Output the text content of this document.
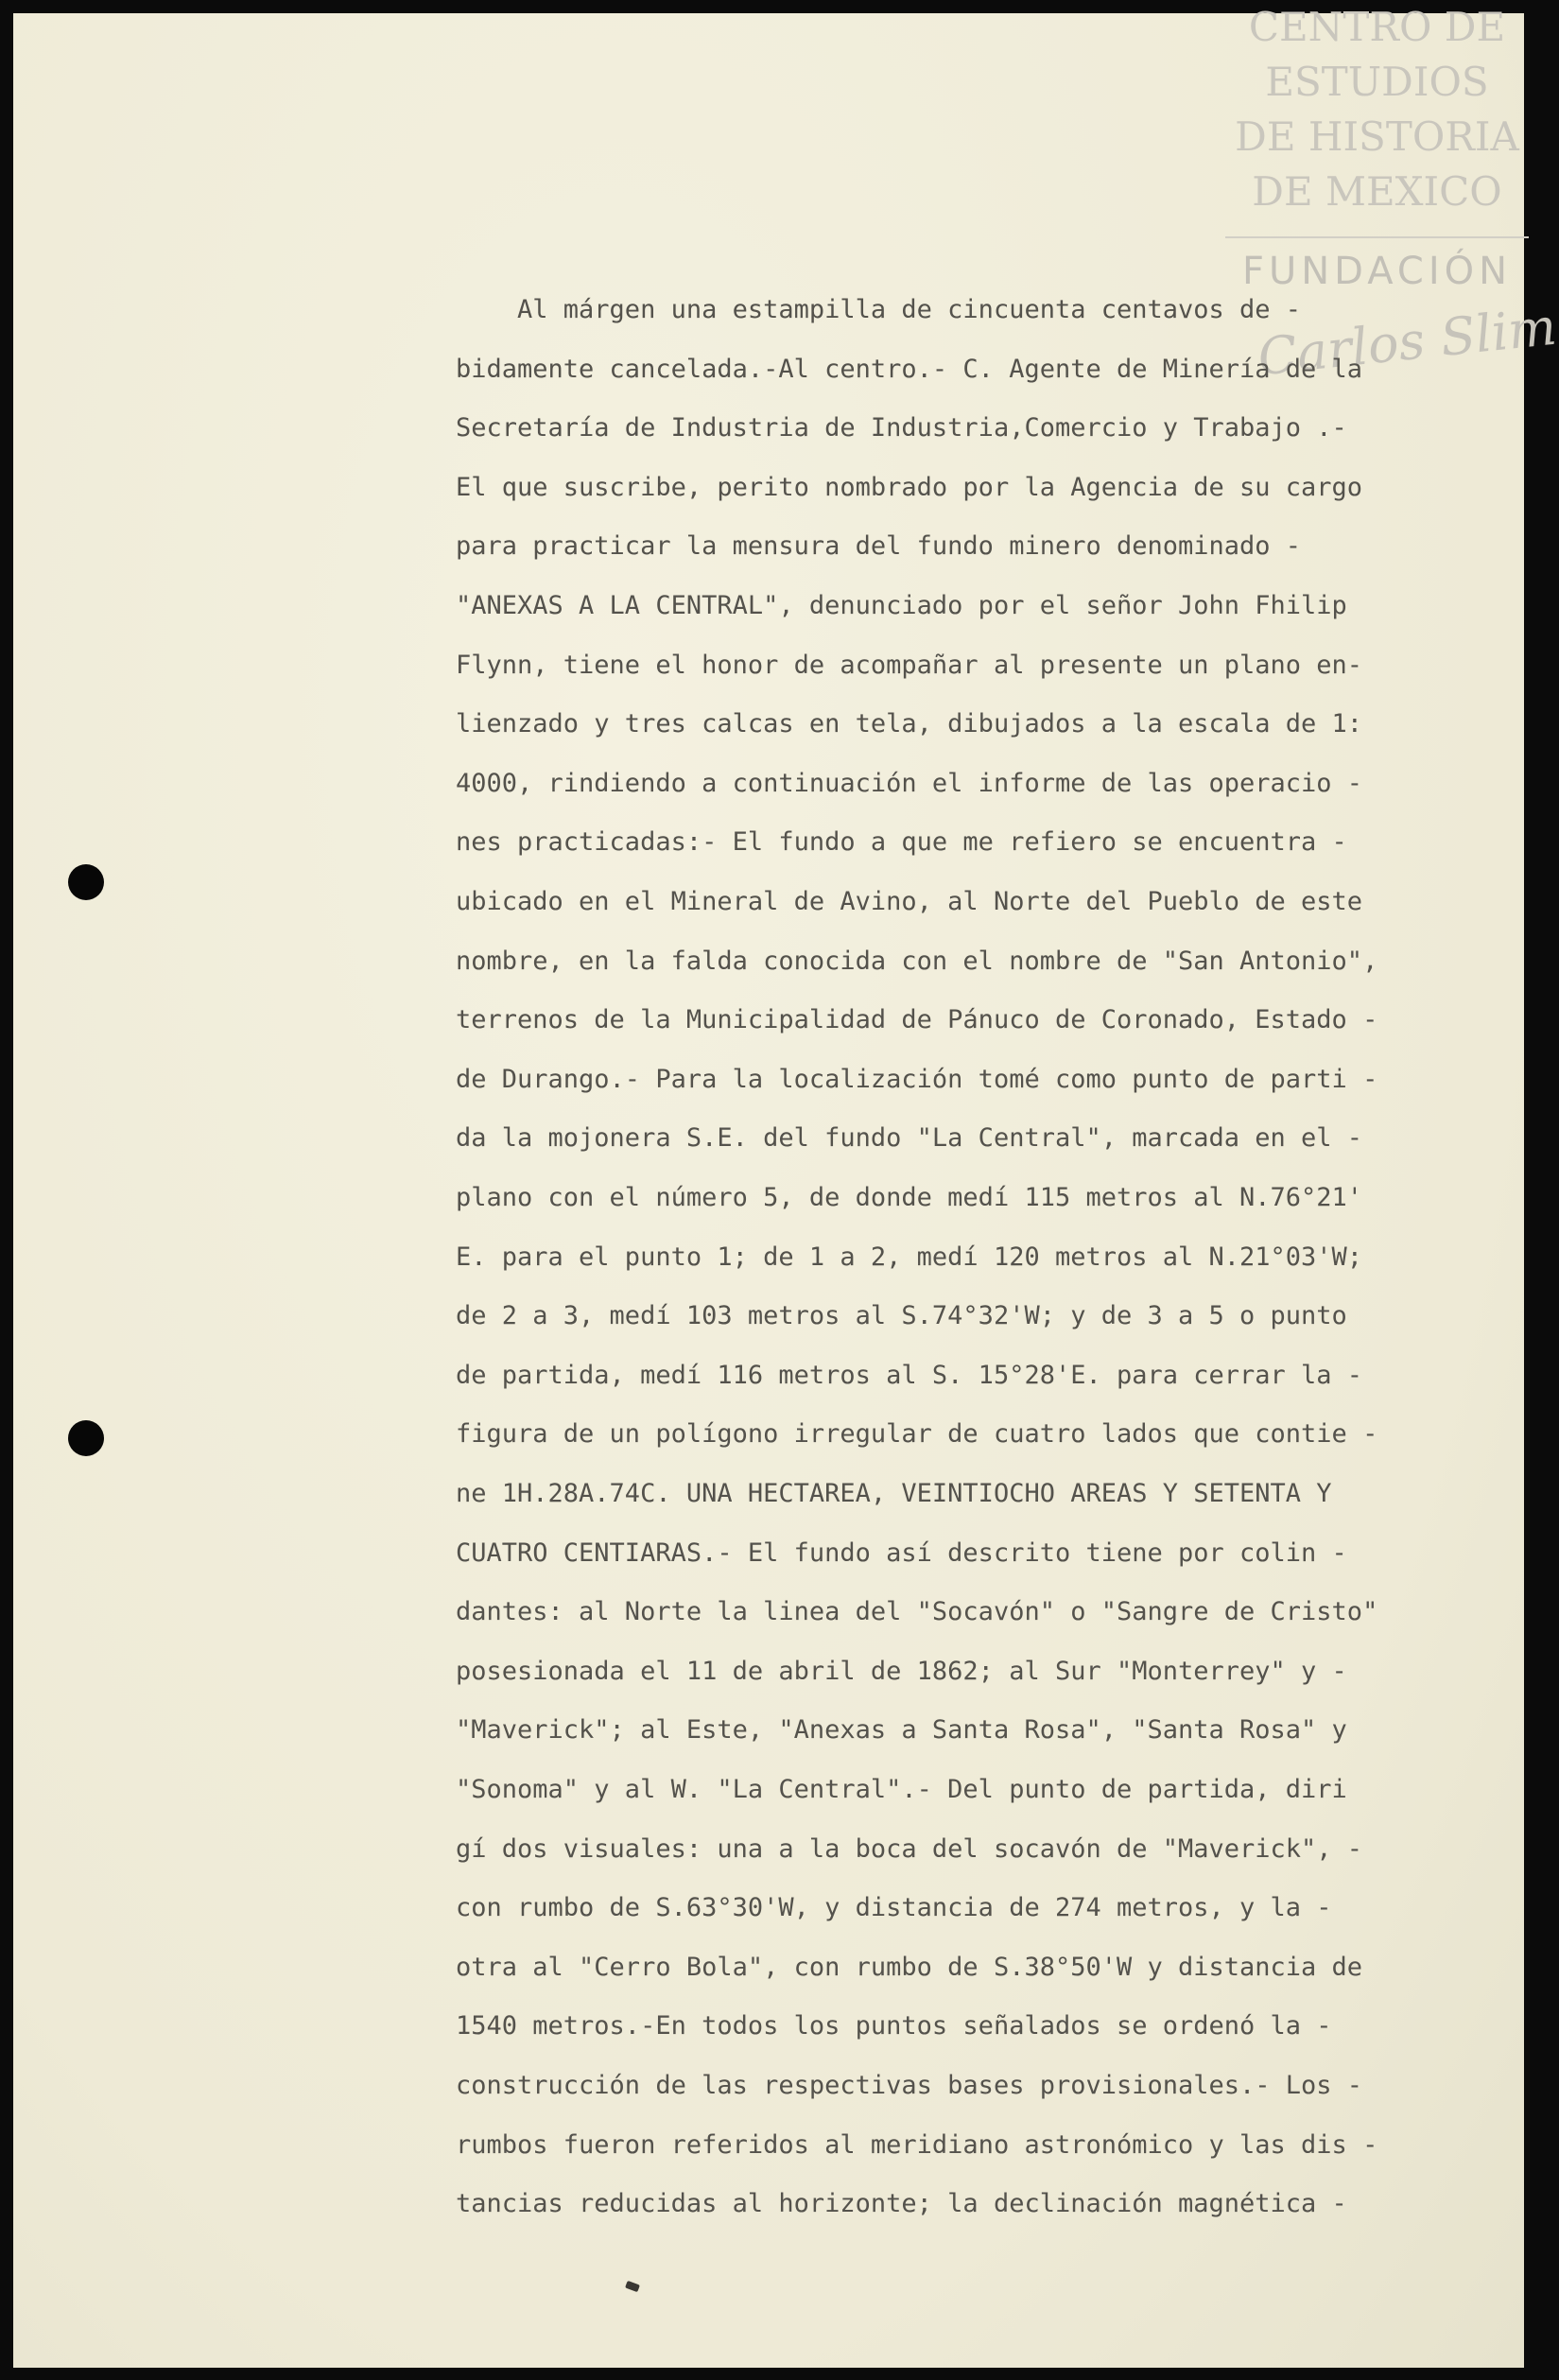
CENTRO DE
ESTUDIOS
DE HISTORIA
DE MEXICO
FUNDACIÓN
Carlos Slim
Al márgen una estampilla de cincuenta centavos de -
bidamente cancelada.-Al centro.- C. Agente de Minería de la
Secretaría de Industria de Industria,Comercio y Trabajo .-
El que suscribe, perito nombrado por la Agencia de su cargo
para practicar la mensura del fundo minero denominado -
"ANEXAS A LA CENTRAL", denunciado por el señor John Fhilip
Flynn, tiene el honor de acompañar al presente un plano en-
lienzado y tres calcas en tela, dibujados a la escala de 1:
4000, rindiendo a continuación el informe de las operacio -
nes practicadas:- El fundo a que me refiero se encuentra -
ubicado en el Mineral de Avino, al Norte del Pueblo de este
nombre, en la falda conocida con el nombre de "San Antonio",
terrenos de la Municipalidad de Pánuco de Coronado, Estado -
de Durango.- Para la localización tomé como punto de parti -
da la mojonera S.E. del fundo "La Central", marcada en el -
plano con el número 5, de donde medí 115 metros al N.76°21'
E. para el punto 1; de 1 a 2, medí 120 metros al N.21°03'W;
de 2 a 3, medí 103 metros al S.74°32'W; y de 3 a 5 o punto
de partida, medí 116 metros al S. 15°28'E. para cerrar la -
figura de un polígono irregular de cuatro lados que contie -
ne 1H.28A.74C. UNA HECTAREA, VEINTIOCHO AREAS Y SETENTA Y
CUATRO CENTIARAS.- El fundo así descrito tiene por colin -
dantes: al Norte la linea del "Socavón" o "Sangre de Cristo"
posesionada el 11 de abril de 1862; al Sur "Monterrey" y -
"Maverick"; al Este, "Anexas a Santa Rosa", "Santa Rosa" y
"Sonoma" y al W. "La Central".- Del punto de partida, diri
gí dos visuales: una a la boca del socavón de "Maverick", -
con rumbo de S.63°30'W, y distancia de 274 metros, y la -
otra al "Cerro Bola", con rumbo de S.38°50'W y distancia de
1540 metros.-En todos los puntos señalados se ordenó la -
construcción de las respectivas bases provisionales.- Los -
rumbos fueron referidos al meridiano astronómico y las dis -
tancias reducidas al horizonte; la declinación magnética -
